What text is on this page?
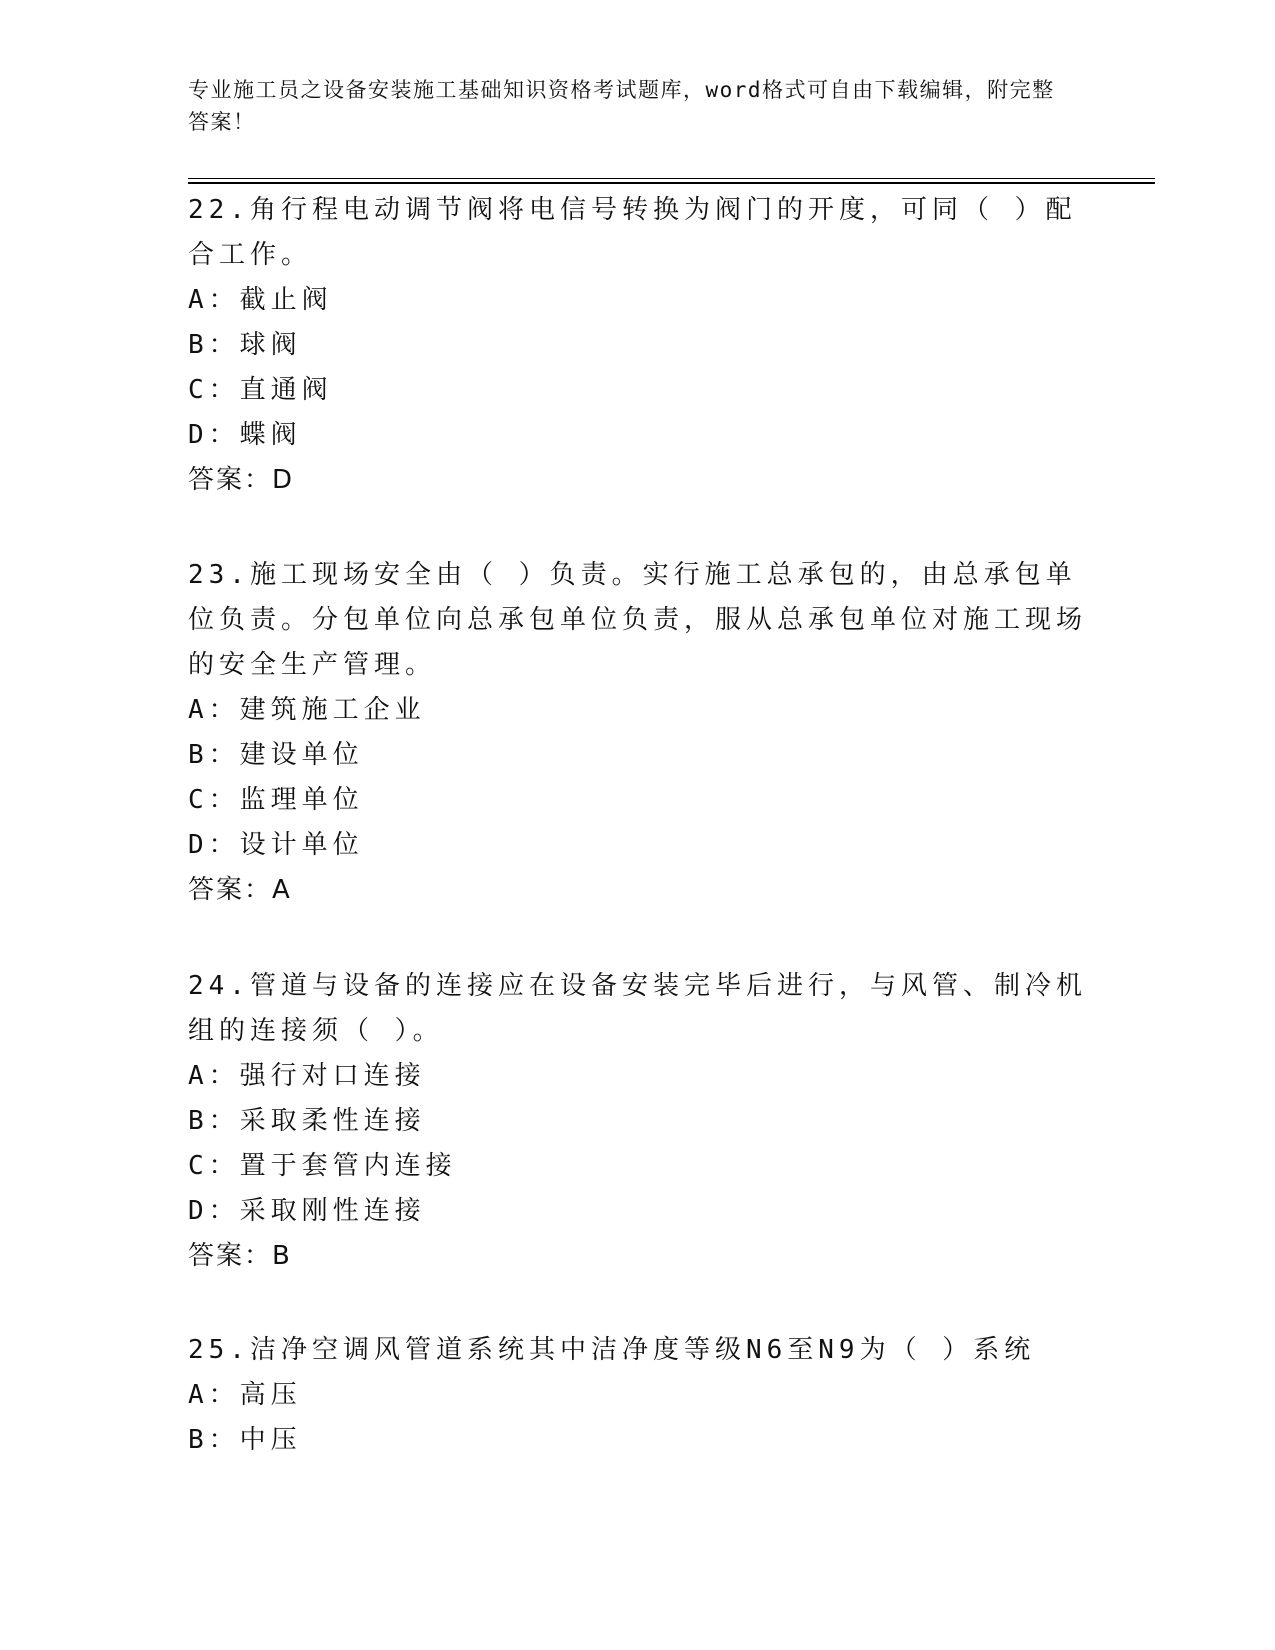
专业施工员之设备安装施工基础知识资格考试题库，word格式可自由下载编辑，附完整答案！

22.角行程电动调节阀将电信号转换为阀门的开度，可同（ ）配合工作。

A：截止阀

B：球阀

C：直通阀

D：蝶阀

答案：D

23.施工现场安全由（ ）负责。实行施工总承包的，由总承包单位负责。分包单位向总承包单位负责，服从总承包单位对施工现场的安全生产管理。

A：建筑施工企业

B：建设单位

C：监理单位

D：设计单位

答案：A

24.管道与设备的连接应在设备安装完毕后进行，与风管、制冷机组的连接须（ ）。

A：强行对口连接

B：采取柔性连接

C：置于套管内连接

D：采取刚性连接

答案：B

25.洁净空调风管道系统其中洁净度等级N6至N9为（ ）系统

A：高压

B：中压
